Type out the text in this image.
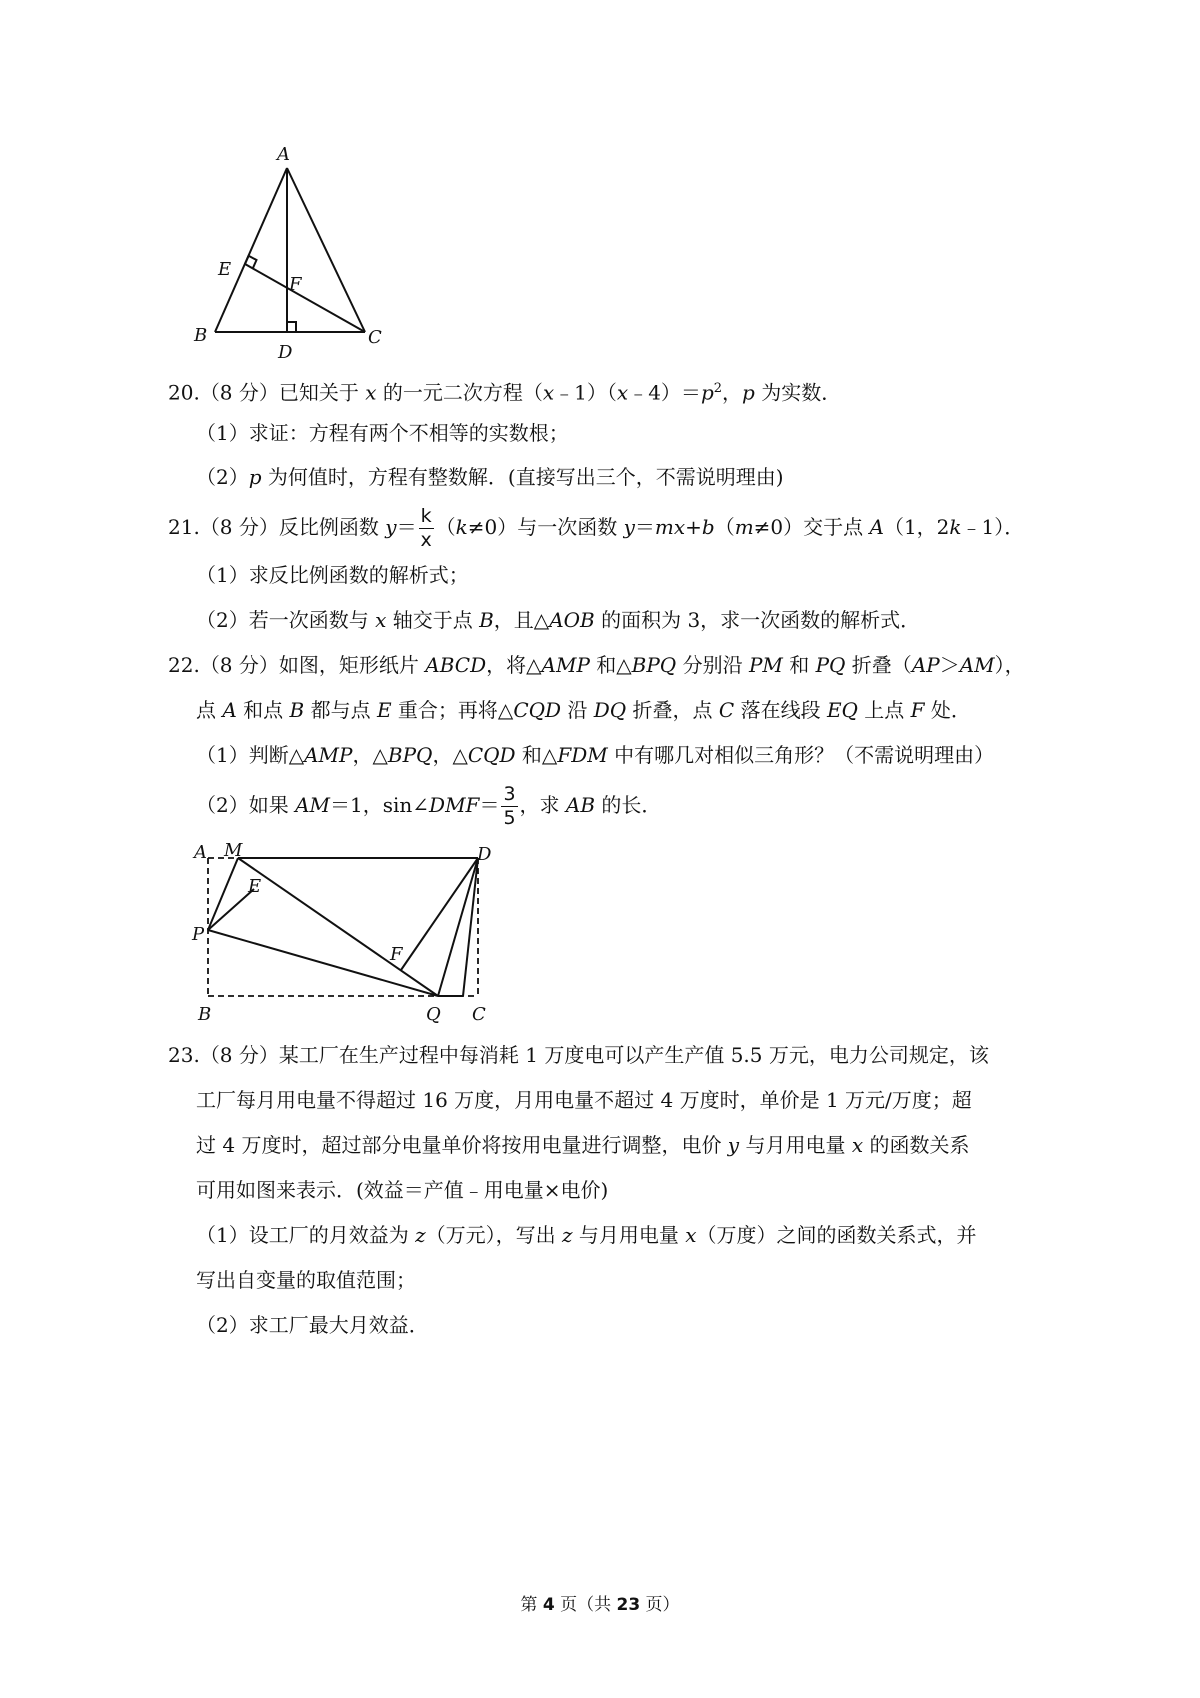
A
E
F
B
D
C
20.（8 分）已知关于 x 的一元二次方程$(x﹣1)(x﹣4)=p^2$，p 为实数．
（1）求证：方程有两个不相等的实数根；
（2）p 为何值时，方程有整数解．(直接写出三个，不需说明理由)
21.（8 分）反比例函数 $y= \frac{k}{x} (k\ne 0)$与一次函数 y＝mx+b（m≠0）交于点 A（1，2k﹣1）．
（1）求反比例函数的解析式；
（2）若一次函数与 x 轴交于点 B，且△AOB 的面积为 3，求一次函数的解析式．
22.（8 分）如图，矩形纸片 ABCD，将△AMP 和△BPQ 分别沿 PM 和 PQ 折叠（AP＞AM），
点 A 和点 B 都与点 E 重合；再将△CQD 沿 DQ 折叠，点 C 落在线段 EQ 上点 F 处．
（1）判断△AMP，△BPQ，△CQD 和△FDM 中有哪几对相似三角形？（不需说明理由）
（2）如果 AM＝1，sin∠DMF＝ $\frac{3}{5}$ ，求 AB 的长．
A M	D
E
P
F
B	Q C
23.（8 分）某工厂在生产过程中每消耗 1 万度电可以产生产值 5.5 万元，电力公司规定，该
工厂每月用电量不得超过 16 万度，月用电量不超过 4 万度时，单价是 1 万元/万度；超
过 4 万度时，超过部分电量单价将按用电量进行调整，电价 y 与月用电量 x 的函数关系
可用如图来表示．(效益＝产值﹣用电量×电价)
（1）设工厂的月效益为 z（万元），写出 z 与月用电量 x（万度）之间的函数关系式，并
写出自变量的取值范围；
（2）求工厂最大月效益．
第 4 页（共 23 页）
